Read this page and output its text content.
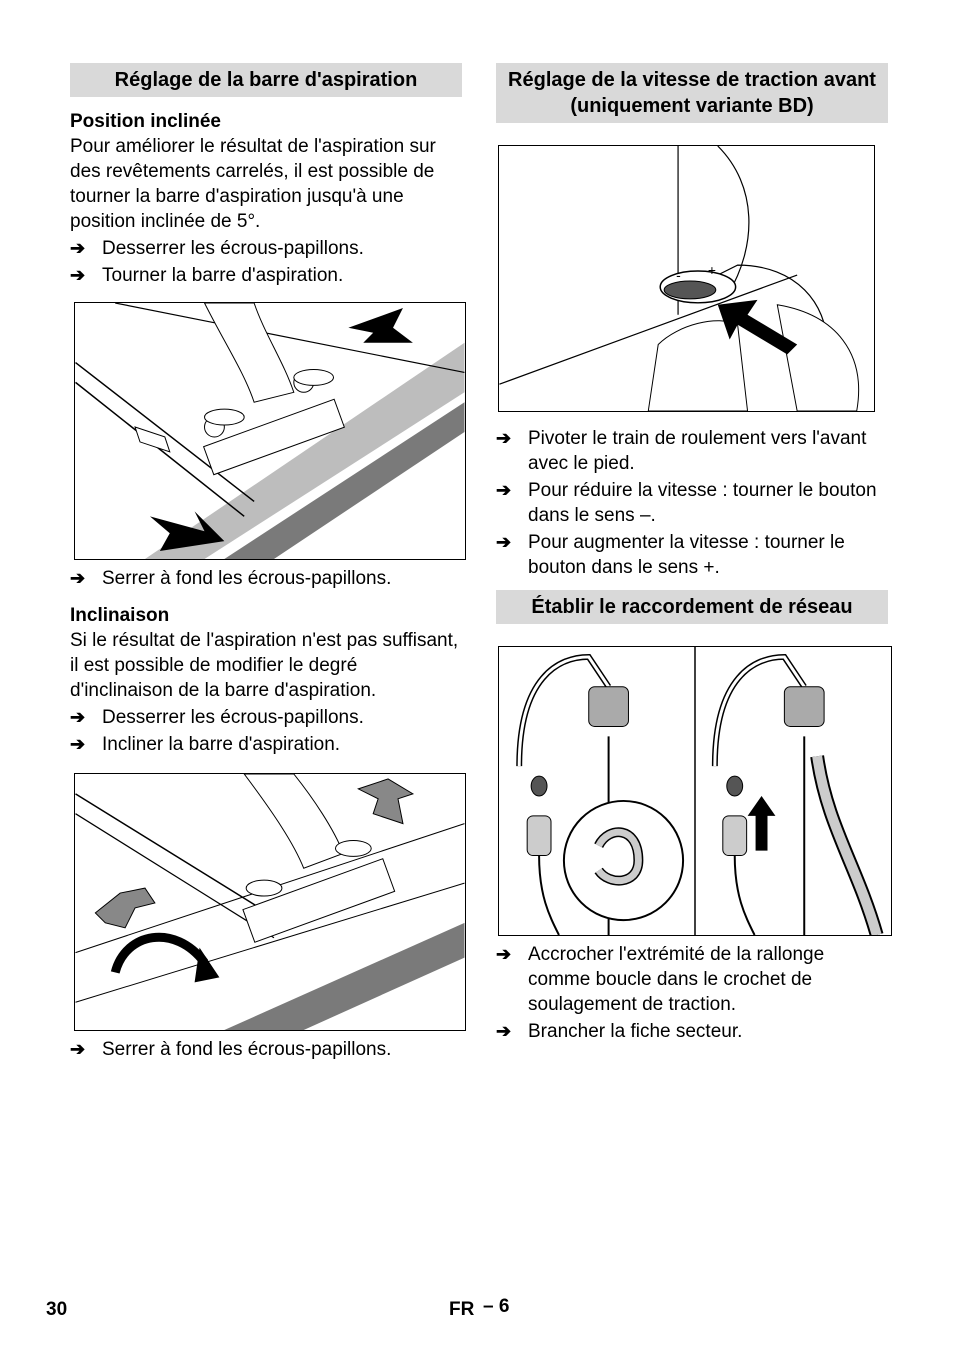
Réglage de la barre d'aspiration
Position inclinée

Pour améliorer le résultat de l'aspiration sur des revêtements carrelés, il est possible de tourner la barre d'aspiration jusqu'à une position inclinée de 5°.

➔ Desserrer les écrous-papillons.
➔ Tourner la barre d'aspiration.
➔ Serrer à fond les écrous-papillons.
Inclinaison

Si le résultat de l'aspiration n'est pas suffisant, il est possible de modifier le degré d'inclinaison de la barre d'aspiration.

➔ Desserrer les écrous-papillons.
➔ Incliner la barre d'aspiration.
➔ Serrer à fond les écrous-papillons.
Réglage de la vitesse de traction avant (uniquement variante BD)
- +
➔ Pivoter le train de roulement vers l'avant avec le pied.
➔ Pour réduire la vitesse : tourner le bouton dans le sens –.
➔ Pour augmenter la vitesse : tourner le bouton dans le sens +.
Établir le raccordement de réseau
➔ Accrocher l'extrémité de la rallonge comme boucle dans le crochet de soulagement de traction.
➔ Brancher la fiche secteur.
30	FR – 6
